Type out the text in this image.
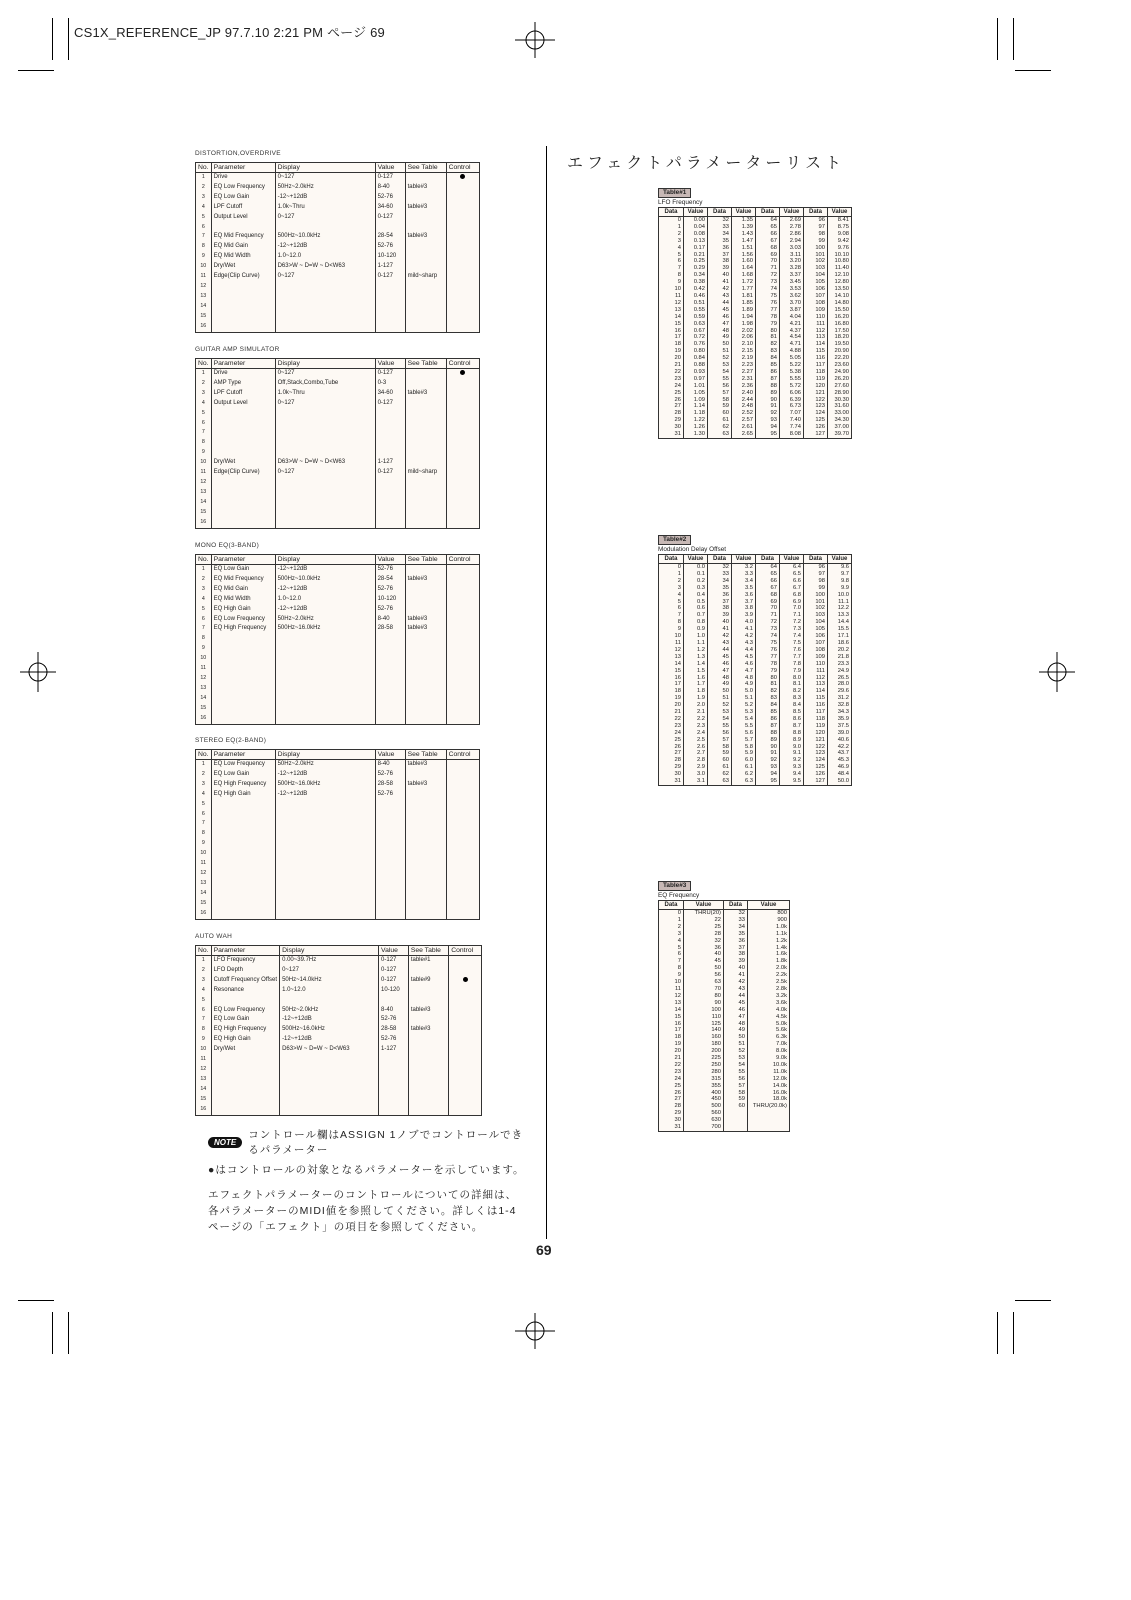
CS1X_REFERENCE_JP 97.7.10 2:21 PM ページ 69
DISTORTION,OVERDRIVE
No.	Parameter	Display	Value	See Table	Control
1	Drive	0~127	0-127		
2	EQ Low Frequency	50Hz~2.0kHz	8-40	table#3	
3	EQ Low Gain	-12~+12dB	52-76		
4	LPF Cutoff	1.0k~Thru	34-60	table#3	
5	Output Level	0~127	0-127		
6					
7	EQ Mid Frequency	500Hz~10.0kHz	28-54	table#3	
8	EQ Mid Gain	-12~+12dB	52-76		
9	EQ Mid Width	1.0~12.0	10-120		
10	Dry/Wet	D63>W ~ D=W ~ D<W63	1-127		
11	Edge(Clip Curve)	0~127	0-127	mild~sharp	
12					
13					
14					
15					
16					
GUITAR AMP SIMULATOR
No.	Parameter	Display	Value	See Table	Control
1	Drive	0~127	0-127		
2	AMP Type	Off,Stack,Combo,Tube	0-3		
3	LPF Cutoff	1.0k~Thru	34-60	table#3	
4	Output Level	0~127	0-127		
5					
6					
7					
8					
9					
10	Dry/Wet	D63>W ~ D=W ~ D<W63	1-127		
11	Edge(Clip Curve)	0~127	0-127	mild~sharp	
12					
13					
14					
15					
16					
MONO EQ(3-BAND)
No.	Parameter	Display	Value	See Table	Control
1	EQ Low Gain	-12~+12dB	52-76		
2	EQ Mid Frequency	500Hz~10.0kHz	28-54	table#3	
3	EQ Mid Gain	-12~+12dB	52-76		
4	EQ Mid Width	1.0~12.0	10-120		
5	EQ High Gain	-12~+12dB	52-76		
6	EQ Low Frequency	50Hz~2.0kHz	8-40	table#3	
7	EQ High Frequency	500Hz~16.0kHz	28-58	table#3	
8					
9					
10					
11					
12					
13					
14					
15					
16					
STEREO EQ(2-BAND)
No.	Parameter	Display	Value	See Table	Control
1	EQ Low Frequency	50Hz~2.0kHz	8-40	table#3	
2	EQ Low Gain	-12~+12dB	52-76		
3	EQ High Frequency	500Hz~16.0kHz	28-58	table#3	
4	EQ High Gain	-12~+12dB	52-76		
5					
6					
7					
8					
9					
10					
11					
12					
13					
14					
15					
16					
AUTO WAH
No.	Parameter	Display	Value	See Table	Control
1	LFO Frequency	0.00~39.7Hz	0-127	table#1	
2	LFO Depth	0~127	0-127		
3	Cutoff Frequency Offset	50Hz~14.0kHz	0-127	table#9	
4	Resonance	1.0~12.0	10-120		
5					
6	EQ Low Frequency	50Hz~2.0kHz	8-40	table#3	
7	EQ Low Gain	-12~+12dB	52-76		
8	EQ High Frequency	500Hz~16.0kHz	28-58	table#3	
9	EQ High Gain	-12~+12dB	52-76		
10	Dry/Wet	D63>W ~ D=W ~ D<W63	1-127		
11					
12					
13					
14					
15					
16					
NOTE
コントロール欄はASSIGN 1ノブでコントロールできるパラメーター
●はコントロールの対象となるパラメーターを示しています。
エフェクトパラメーターのコントロールについての詳細は、各パラメーターのMIDI値を参照してください。詳しくは1-4ページの「エフェクト」の項目を参照してください。
エフェクトパラメーターリスト
Table#1
LFO Frequency
Data	Value	Data	Value	Data	Value	Data	Value
0	0.00	32	1.35	64	2.69	96	8.41
1	0.04	33	1.39	65	2.78	97	8.75
2	0.08	34	1.43	66	2.86	98	9.08
3	0.13	35	1.47	67	2.94	99	9.42
4	0.17	36	1.51	68	3.03	100	9.76
5	0.21	37	1.56	69	3.11	101	10.10
6	0.25	38	1.60	70	3.20	102	10.80
7	0.29	39	1.64	71	3.28	103	11.40
8	0.34	40	1.68	72	3.37	104	12.10
9	0.38	41	1.72	73	3.45	105	12.80
10	0.42	42	1.77	74	3.53	106	13.50
11	0.46	43	1.81	75	3.62	107	14.10
12	0.51	44	1.85	76	3.70	108	14.80
13	0.55	45	1.89	77	3.87	109	15.50
14	0.59	46	1.94	78	4.04	110	16.20
15	0.63	47	1.98	79	4.21	111	16.80
16	0.67	48	2.02	80	4.37	112	17.50
17	0.72	49	2.06	81	4.54	113	18.20
18	0.76	50	2.10	82	4.71	114	19.50
19	0.80	51	2.15	83	4.88	115	20.90
20	0.84	52	2.19	84	5.05	116	22.20
21	0.88	53	2.23	85	5.22	117	23.60
22	0.93	54	2.27	86	5.38	118	24.90
23	0.97	55	2.31	87	5.55	119	26.20
24	1.01	56	2.36	88	5.72	120	27.60
25	1.05	57	2.40	89	6.06	121	28.90
26	1.09	58	2.44	90	6.39	122	30.30
27	1.14	59	2.48	91	6.73	123	31.60
28	1.18	60	2.52	92	7.07	124	33.00
29	1.22	61	2.57	93	7.40	125	34.30
30	1.26	62	2.61	94	7.74	126	37.00
31	1.30	63	2.65	95	8.08	127	39.70
Table#2
Modulation Delay Offset
Data	Value	Data	Value	Data	Value	Data	Value
0	0.0	32	3.2	64	6.4	96	9.6
1	0.1	33	3.3	65	6.5	97	9.7
2	0.2	34	3.4	66	6.6	98	9.8
3	0.3	35	3.5	67	6.7	99	9.9
4	0.4	36	3.6	68	6.8	100	10.0
5	0.5	37	3.7	69	6.9	101	11.1
6	0.6	38	3.8	70	7.0	102	12.2
7	0.7	39	3.9	71	7.1	103	13.3
8	0.8	40	4.0	72	7.2	104	14.4
9	0.9	41	4.1	73	7.3	105	15.5
10	1.0	42	4.2	74	7.4	106	17.1
11	1.1	43	4.3	75	7.5	107	18.6
12	1.2	44	4.4	76	7.6	108	20.2
13	1.3	45	4.5	77	7.7	109	21.8
14	1.4	46	4.6	78	7.8	110	23.3
15	1.5	47	4.7	79	7.9	111	24.9
16	1.6	48	4.8	80	8.0	112	26.5
17	1.7	49	4.9	81	8.1	113	28.0
18	1.8	50	5.0	82	8.2	114	29.6
19	1.9	51	5.1	83	8.3	115	31.2
20	2.0	52	5.2	84	8.4	116	32.8
21	2.1	53	5.3	85	8.5	117	34.3
22	2.2	54	5.4	86	8.6	118	35.9
23	2.3	55	5.5	87	8.7	119	37.5
24	2.4	56	5.6	88	8.8	120	39.0
25	2.5	57	5.7	89	8.9	121	40.6
26	2.6	58	5.8	90	9.0	122	42.2
27	2.7	59	5.9	91	9.1	123	43.7
28	2.8	60	6.0	92	9.2	124	45.3
29	2.9	61	6.1	93	9.3	125	46.9
30	3.0	62	6.2	94	9.4	126	48.4
31	3.1	63	6.3	95	9.5	127	50.0
Table#3
EQ Frequency
Data	Value	Data	Value
0	THRU(20)	32	800
1	22	33	900
2	25	34	1.0k
3	28	35	1.1k
4	32	36	1.2k
5	36	37	1.4k
6	40	38	1.6k
7	45	39	1.8k
8	50	40	2.0k
9	56	41	2.2k
10	63	42	2.5k
11	70	43	2.8k
12	80	44	3.2k
13	90	45	3.6k
14	100	46	4.0k
15	110	47	4.5k
16	125	48	5.0k
17	140	49	5.6k
18	160	50	6.3k
19	180	51	7.0k
20	200	52	8.0k
21	225	53	9.0k
22	250	54	10.0k
23	280	55	11.0k
24	315	56	12.0k
25	355	57	14.0k
26	400	58	16.0k
27	450	59	18.0k
28	500	60	THRU(20.0k)
29	560		
30	630		
31	700		
69
